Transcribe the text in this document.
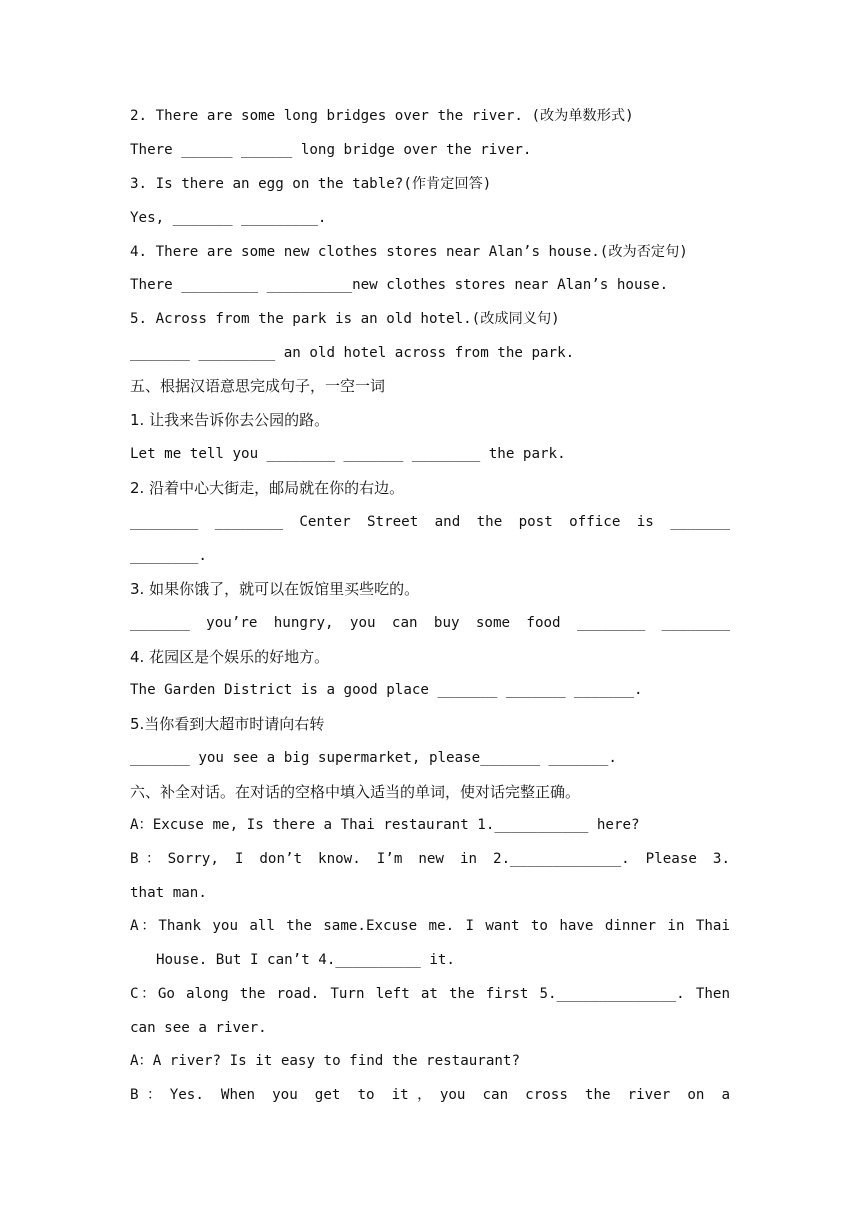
2. There are some long bridges over the river. (改为单数形式)
There ______ ______ long bridge over the river.
3. Is there an egg on the table?(作肯定回答)
Yes, _______ _________.
4. There are some new clothes stores near Alan’s house.(改为否定句)
There _________ __________new clothes stores near Alan’s house.
5. Across from the park is an old hotel.(改成同义句)
_______ _________ an old hotel across from the park.
五、根据汉语意思完成句子，一空一词
1. 让我来告诉你去公园的路。
Let me tell you ________ _______ ________ the park.
2. 沿着中心大街走，邮局就在你的右边。
________ ________ Center Street and the post office is _______
________.
3. 如果你饿了，就可以在饭馆里买些吃的。
_______ you’re hungry, you can buy some food ________ ________
4. 花园区是个娱乐的好地方。
The Garden District is a good place _______ _______ _______.
5.当你看到大超市时请向右转
_______ you see a big supermarket, please_______ _______.
六、补全对话。在对话的空格中填入适当的单词，使对话完整正确。
A：Excuse me, Is there a Thai restaurant 1.___________ here?
B：Sorry, I don’t know. I’m new in 2._____________. Please 3.
that man.
A：Thank you all the same.Excuse me. I want to have dinner in Thai
House. But I can’t 4.__________ it.
C：Go along the road. Turn left at the first 5.______________. Then
can see a river.
A：A river? Is it easy to find the restaurant?
B：Yes. When you get to it，you can cross the river on a
